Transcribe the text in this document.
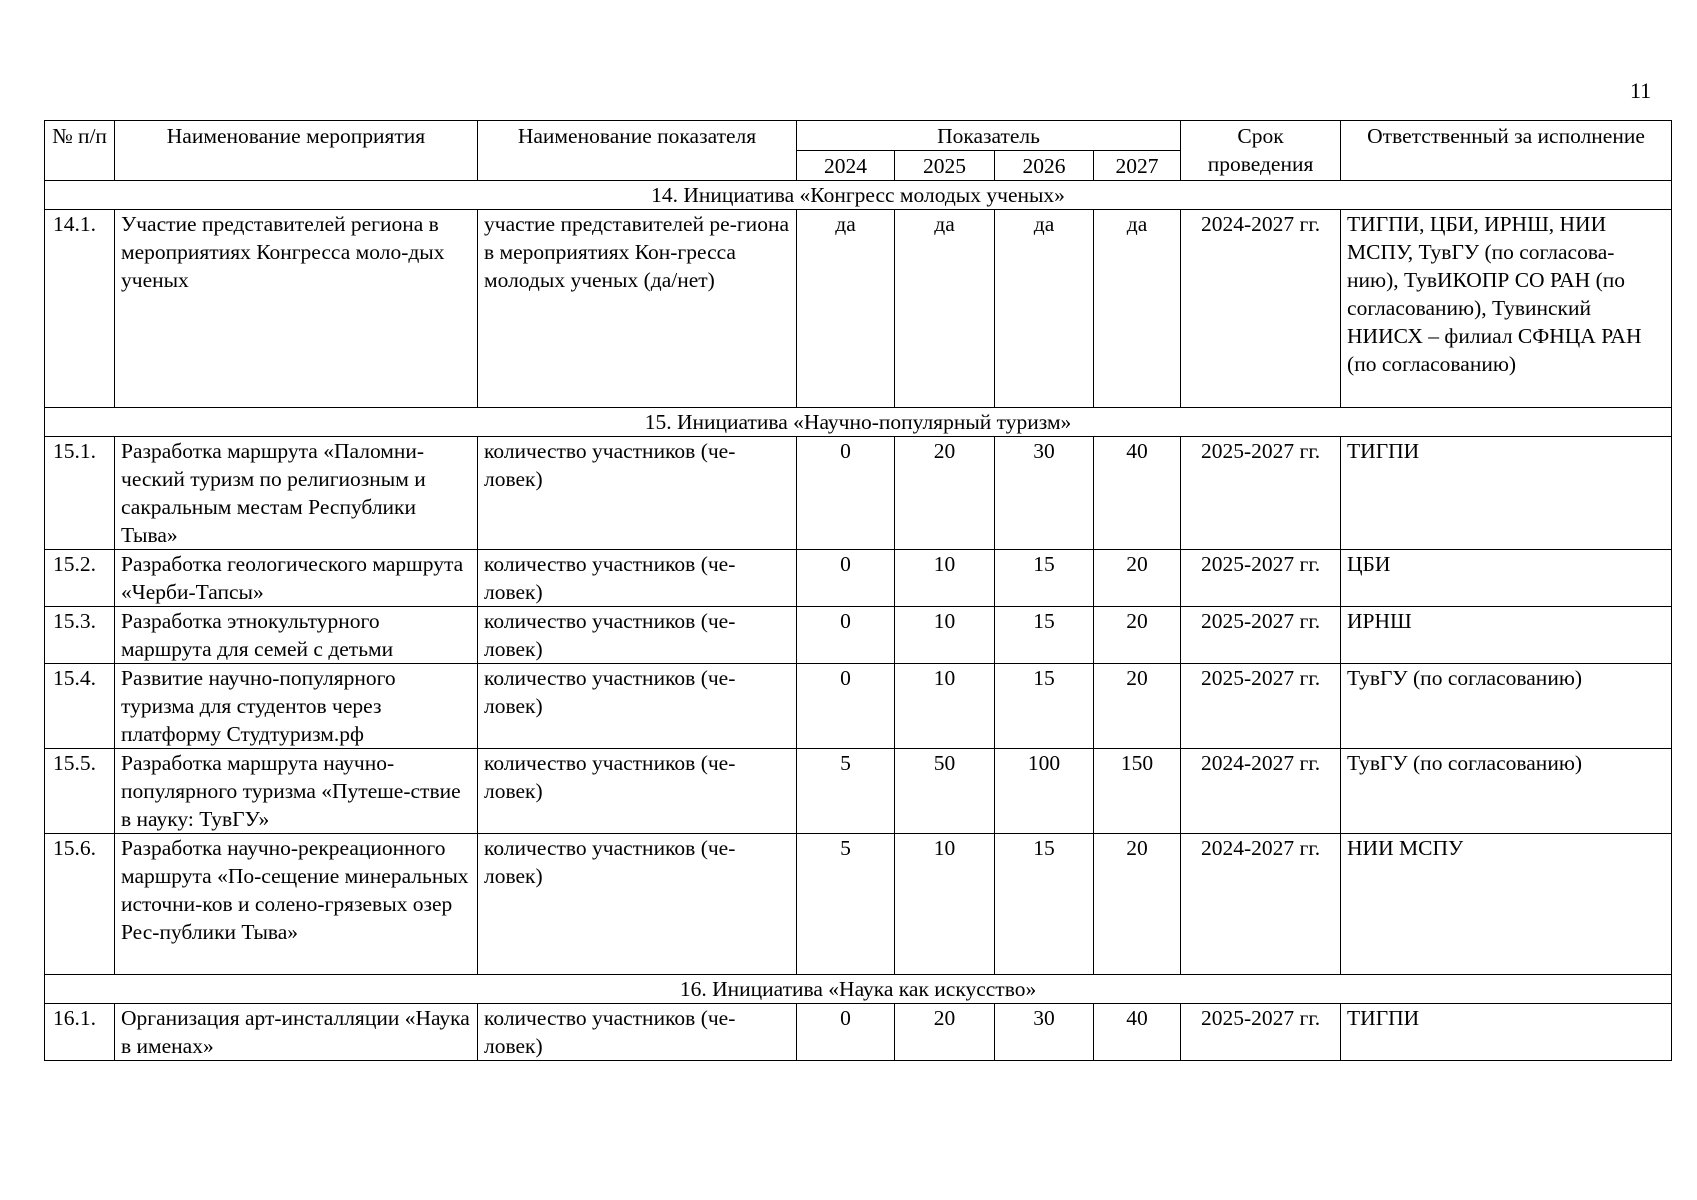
11
№ п/п	Наименование мероприятия	Наименование показателя	Показатель				Срок проведения	Ответственный за исполнение
			2024	2025	2026	2027		
14. Инициатива «Конгресс молодых ученых»								
14.1.	Участие представителей региона в мероприятиях Конгресса моло-дых ученых	участие представителей ре-гиона в мероприятиях Кон-гресса молодых ученых (да/нет)	да	да	да	да	2024-2027 гг.	ТИГПИ, ЦБИ, ИРНШ, НИИ МСПУ, ТувГУ (по согласова-нию), ТувИКОПР СО РАН (по согласованию), Тувинский НИИСХ – филиал СФНЦА РАН (по согласованию)
15. Инициатива «Научно-популярный туризм»								
15.1.	Разработка маршрута «Паломни-ческий туризм по религиозным и сакральным местам Республики Тыва»	количество участников (че-ловек)	0	20	30	40	2025-2027 гг.	ТИГПИ
15.2.	Разработка геологического маршрута «Черби-Тапсы»	количество участников (че-ловек)	0	10	15	20	2025-2027 гг.	ЦБИ
15.3.	Разработка этнокультурного маршрута для семей с детьми	количество участников (че-ловек)	0	10	15	20	2025-2027 гг.	ИРНШ
15.4.	Развитие научно-популярного туризма для студентов через платформу Студтуризм.рф	количество участников (че-ловек)	0	10	15	20	2025-2027 гг.	ТувГУ (по согласованию)
15.5.	Разработка маршрута научно-популярного туризма «Путеше-ствие в науку: ТувГУ»	количество участников (че-ловек)	5	50	100	150	2024-2027 гг.	ТувГУ (по согласованию)
15.6.	Разработка научно-рекреационного маршрута «По-сещение минеральных источни-ков и солено-грязевых озер Рес-публики Тыва»	количество участников (че-ловек)	5	10	15	20	2024-2027 гг.	НИИ МСПУ
16. Инициатива «Наука как искусство»								
16.1.	Организация арт-инсталляции «Наука в именах»	количество участников (че-ловек)	0	20	30	40	2025-2027 гг.	ТИГПИ
